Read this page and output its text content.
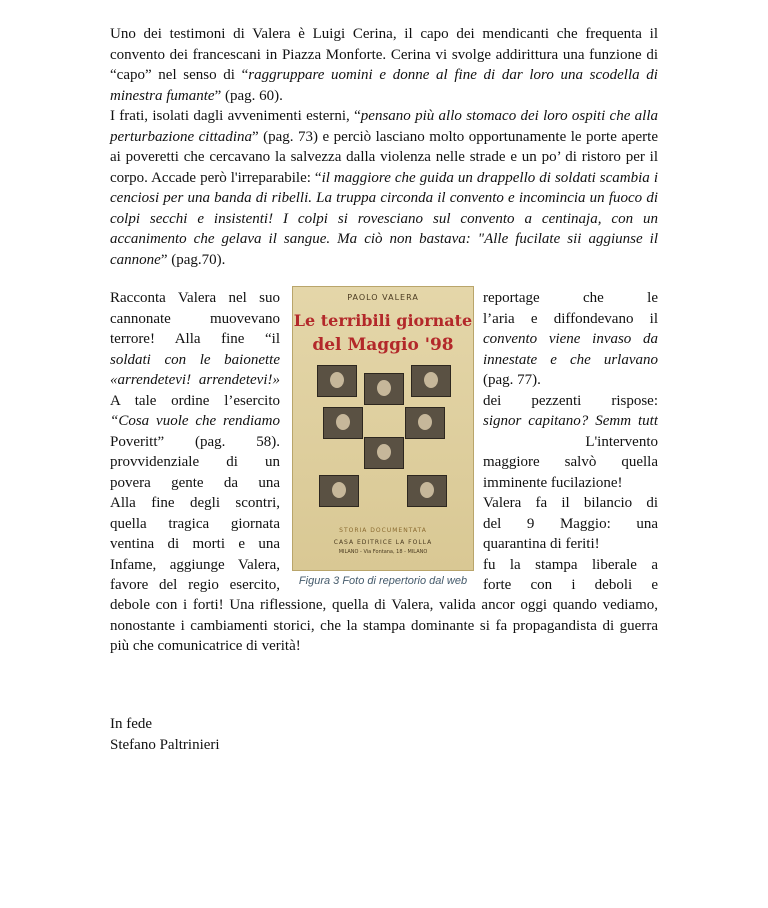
Uno dei testimoni di Valera è Luigi Cerina, il capo dei mendicanti che frequenta il convento dei francescani in Piazza Monforte. Cerina vi svolge addirittura una funzione di “capo” nel senso di “raggruppare uomini e donne al fine di dar loro una scodella di minestra fumante” (pag. 60).
I frati, isolati dagli avvenimenti esterni, “pensano più allo stomaco dei loro ospiti che alla perturbazione cittadina” (pag. 73) e perciò lasciano molto opportunamente le porte aperte ai poveretti che cercavano la salvezza dalla violenza nelle strade e un po’ di ristoro per il corpo. Accade però l'irreparabile: “il maggiore che guida un drappello di soldati scambia i cenciosi per una banda di ribelli. La truppa circonda il convento e incomincia un fuoco di colpi secchi e insistenti! I colpi si rovesciano sul convento a centinaja, con un accanimento che gelava il sangue. Ma ciò non bastava: "Alle fucilate sii aggiunse il cannone” (pag.70).
Racconta Valera nel suo
cannonate muovevano
terrore! Alla fine “il
soldati con le baionette
«arrendetevi! arrendetevi!»
A tale ordine l’esercito
“Cosa vuole che rendiamo
Poveritt” (pag. 58).
provvidenziale di un
povera gente da una
Alla fine degli scontri,
quella tragica giornata
ventina di morti e una
Infame, aggiunge Valera,
favore del regio esercito,
PAOLO VALERA
Le terribili giornate
del Maggio '98
STORIA DOCUMENTATA
CASA EDITRICE LA FOLLA
MILANO - Via Fontana, 18 - MILANO
Figura 3 Foto di repertorio dal web
reportage che le
l’aria e diffondevano il
convento viene invaso da
innestate e che urlavano
(pag. 77).
dei pezzenti rispose:
signor capitano? Semm tutt
L'intervento
maggiore salvò quella
imminente fucilazione!
Valera fa il bilancio di
del 9 Maggio: una
quarantina di feriti!
fu la stampa liberale a
forte con i deboli e
debole con i forti! Una riflessione, quella di Valera, valida ancor oggi quando vediamo, nonostante i cambiamenti storici, che la stampa dominante si fa propagandista di guerra più che comunicatrice di verità!
In fede
Stefano Paltrinieri
